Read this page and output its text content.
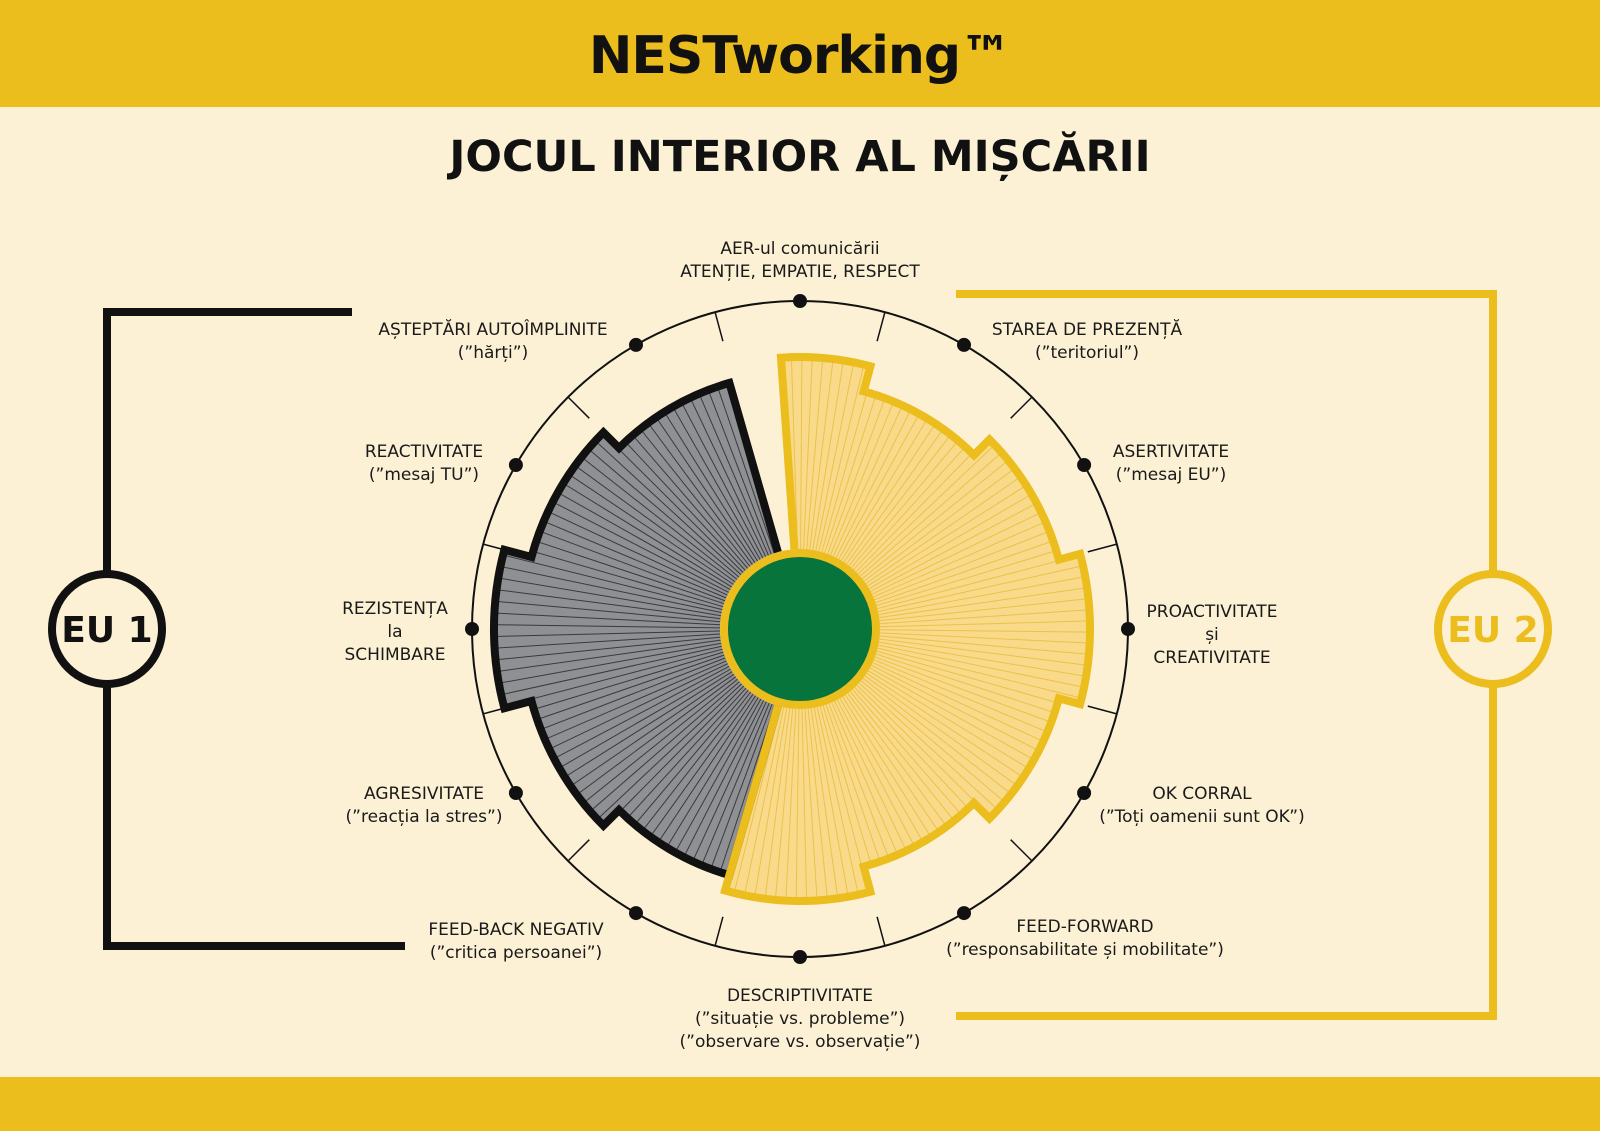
NESTworking™
JOCUL INTERIOR AL MIȘCĂRII
EU 1	EU 2
AER-ul comunicării
ATENȚIE, EMPATIE, RESPECT
AȘTEPTĂRI AUTOÎMPLINITE
(”hărți”)
REACTIVITATE
(”mesaj TU”)
REZISTENȚA
la
SCHIMBARE
AGRESIVITATE
(”reacția la stres”)
FEED-BACK NEGATIV
(”critica persoanei”)
DESCRIPTIVITATE
(”situație vs. probleme”)
(”observare vs. observație”)
FEED-FORWARD
(”responsabilitate și mobilitate”)
OK CORRAL
(”Toți oamenii sunt OK”)
PROACTIVITATE
și
CREATIVITATE
ASERTIVITATE
(”mesaj EU”)
STAREA DE PREZENȚĂ
(”teritoriul”)
